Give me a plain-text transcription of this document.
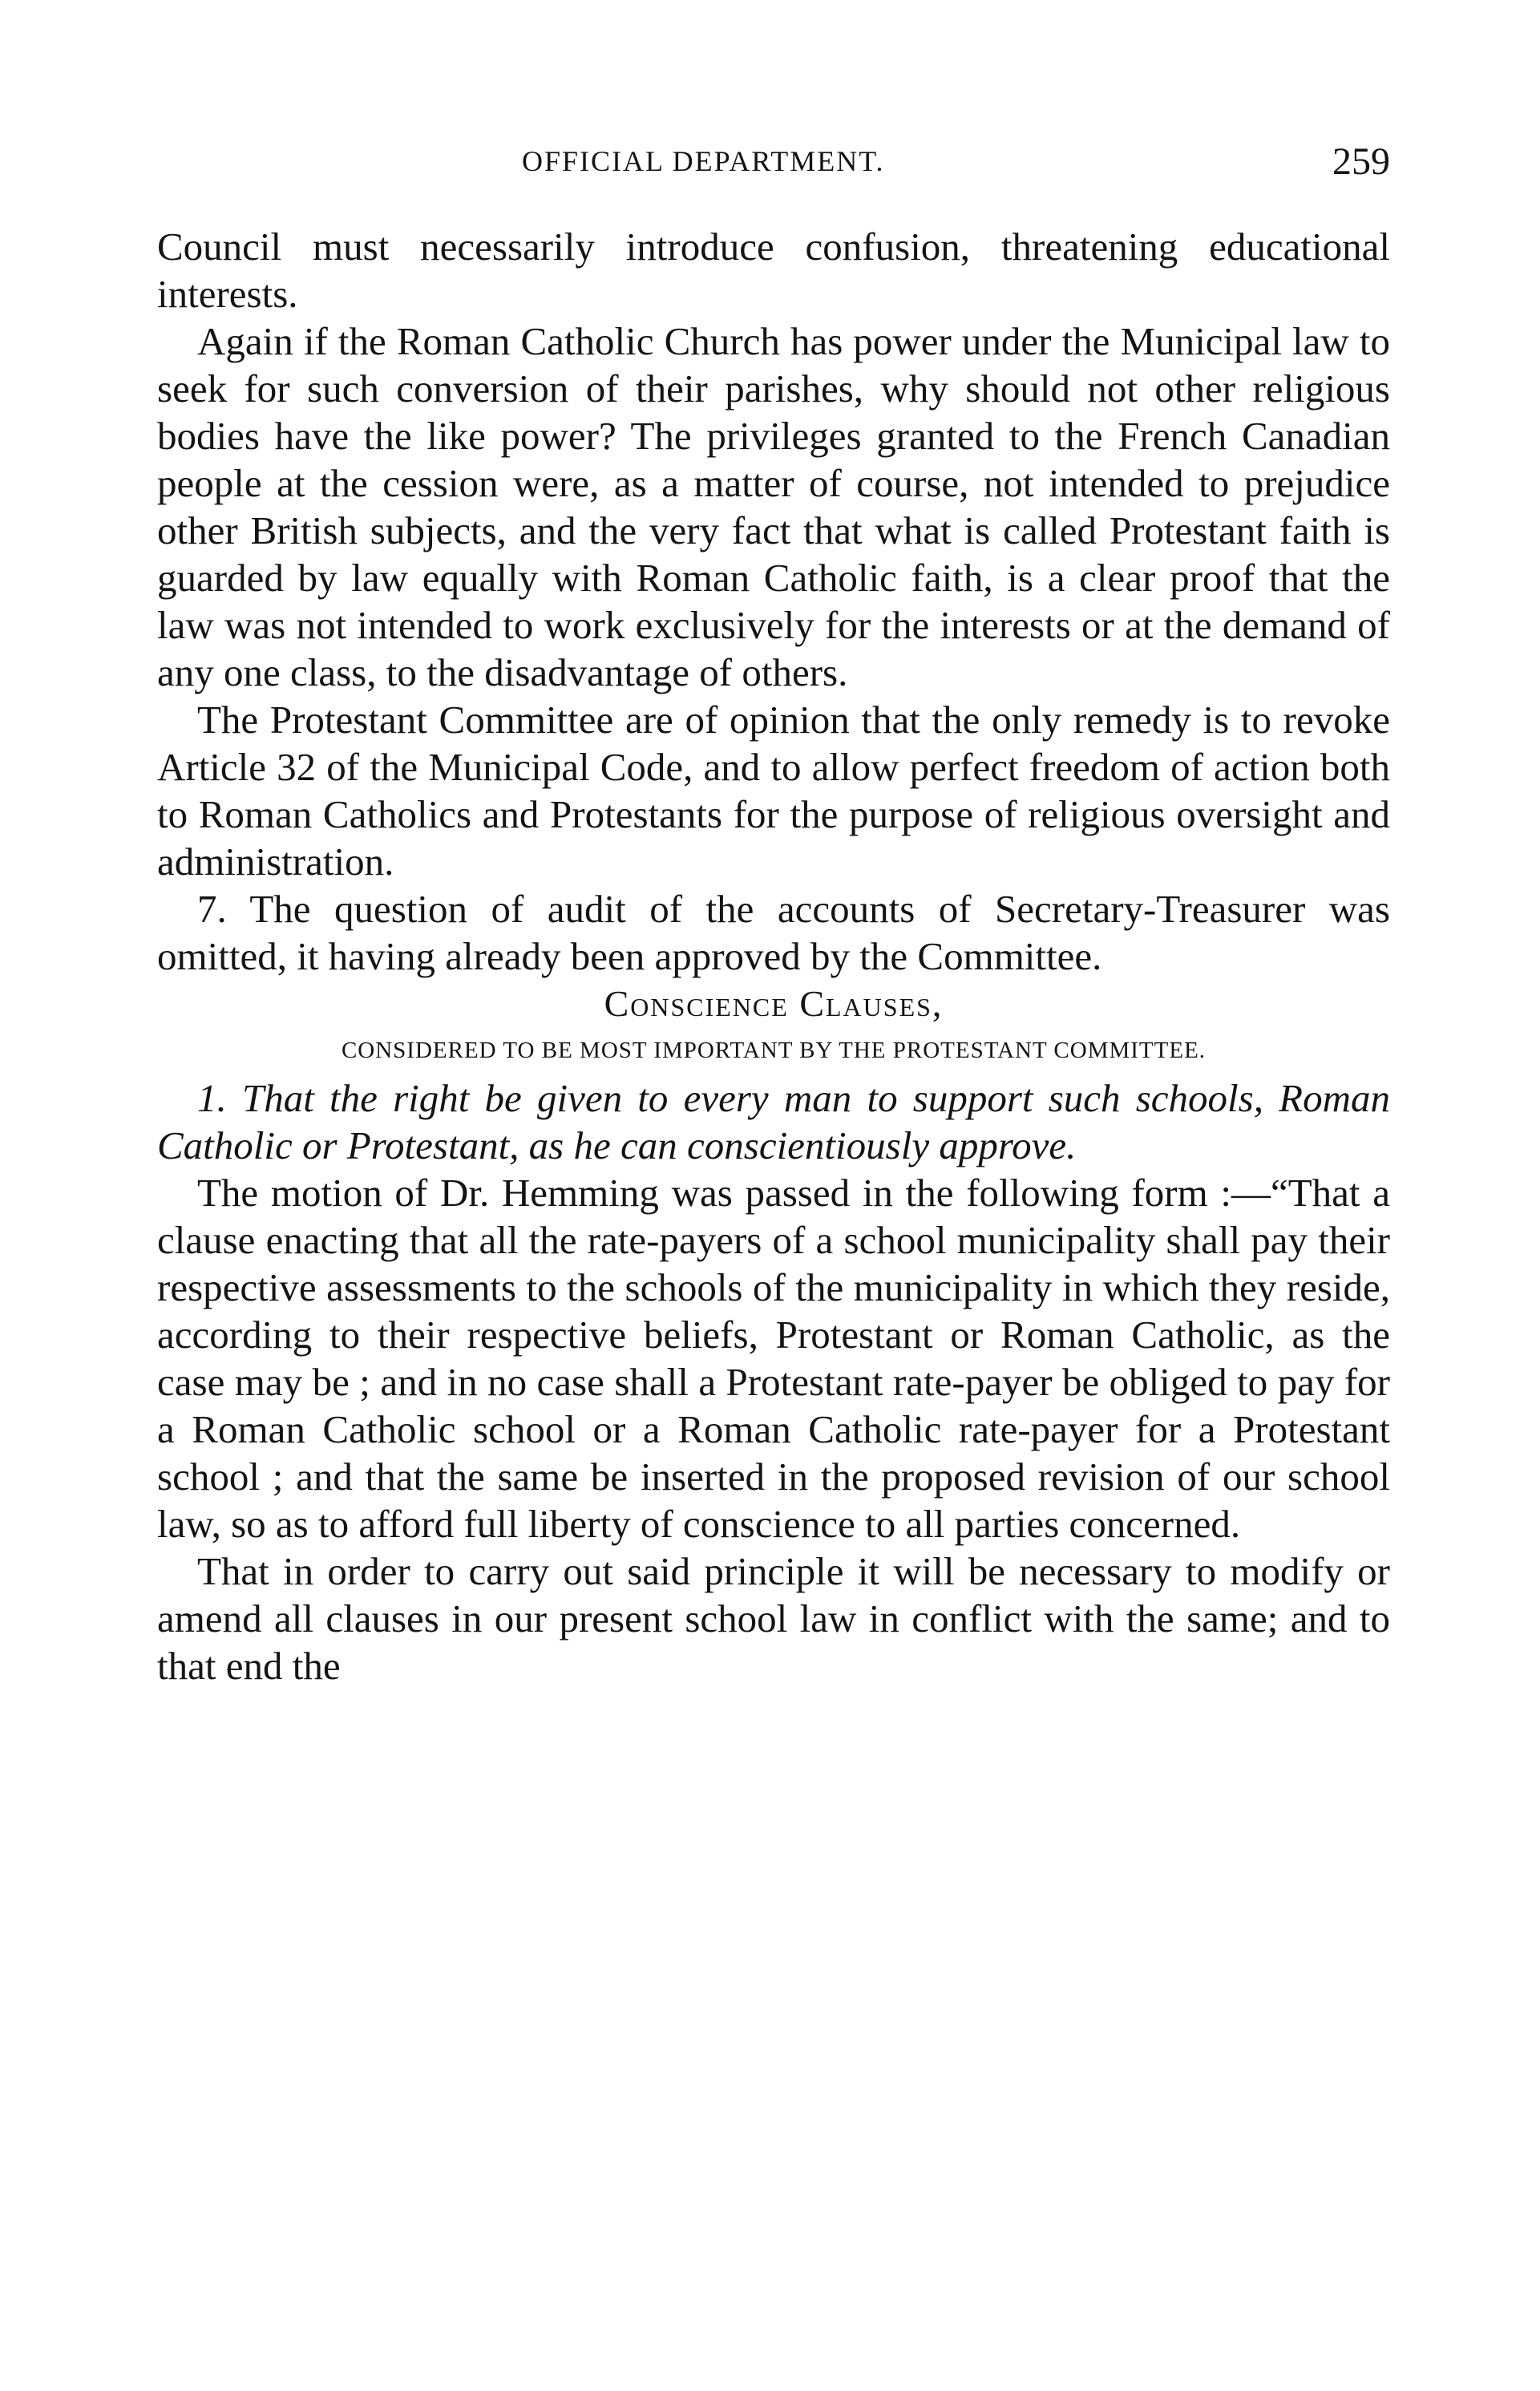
OFFICIAL DEPARTMENT.	259

Council must necessarily introduce confusion, threatening educational interests.

Again if the Roman Catholic Church has power under the Municipal law to seek for such conversion of their parishes, why should not other religious bodies have the like power? The privileges granted to the French Canadian people at the cession were, as a matter of course, not intended to prejudice other British subjects, and the very fact that what is called Protestant faith is guarded by law equally with Roman Catholic faith, is a clear proof that the law was not intended to work exclusively for the interests or at the demand of any one class, to the disadvantage of others.

The Protestant Committee are of opinion that the only remedy is to revoke Article 32 of the Municipal Code, and to allow perfect freedom of action both to Roman Catholics and Protestants for the purpose of religious oversight and administration.

7. The question of audit of the accounts of Secretary-Treasurer was omitted, it having already been approved by the Committee.

Conscience Clauses,

CONSIDERED TO BE MOST IMPORTANT BY THE PROTESTANT COMMITTEE.

1. That the right be given to every man to support such schools, Roman Catholic or Protestant, as he can conscientiously approve.

The motion of Dr. Hemming was passed in the following form :—“That a clause enacting that all the rate-payers of a school municipality shall pay their respective assessments to the schools of the municipality in which they reside, according to their respective beliefs, Protestant or Roman Catholic, as the case may be ; and in no case shall a Protestant rate-payer be obliged to pay for a Roman Catholic school or a Roman Catholic rate-payer for a Protestant school ; and that the same be inserted in the proposed revision of our school law, so as to afford full liberty of conscience to all parties concerned.

That in order to carry out said principle it will be necessary to modify or amend all clauses in our present school law in conflict with the same; and to that end the
